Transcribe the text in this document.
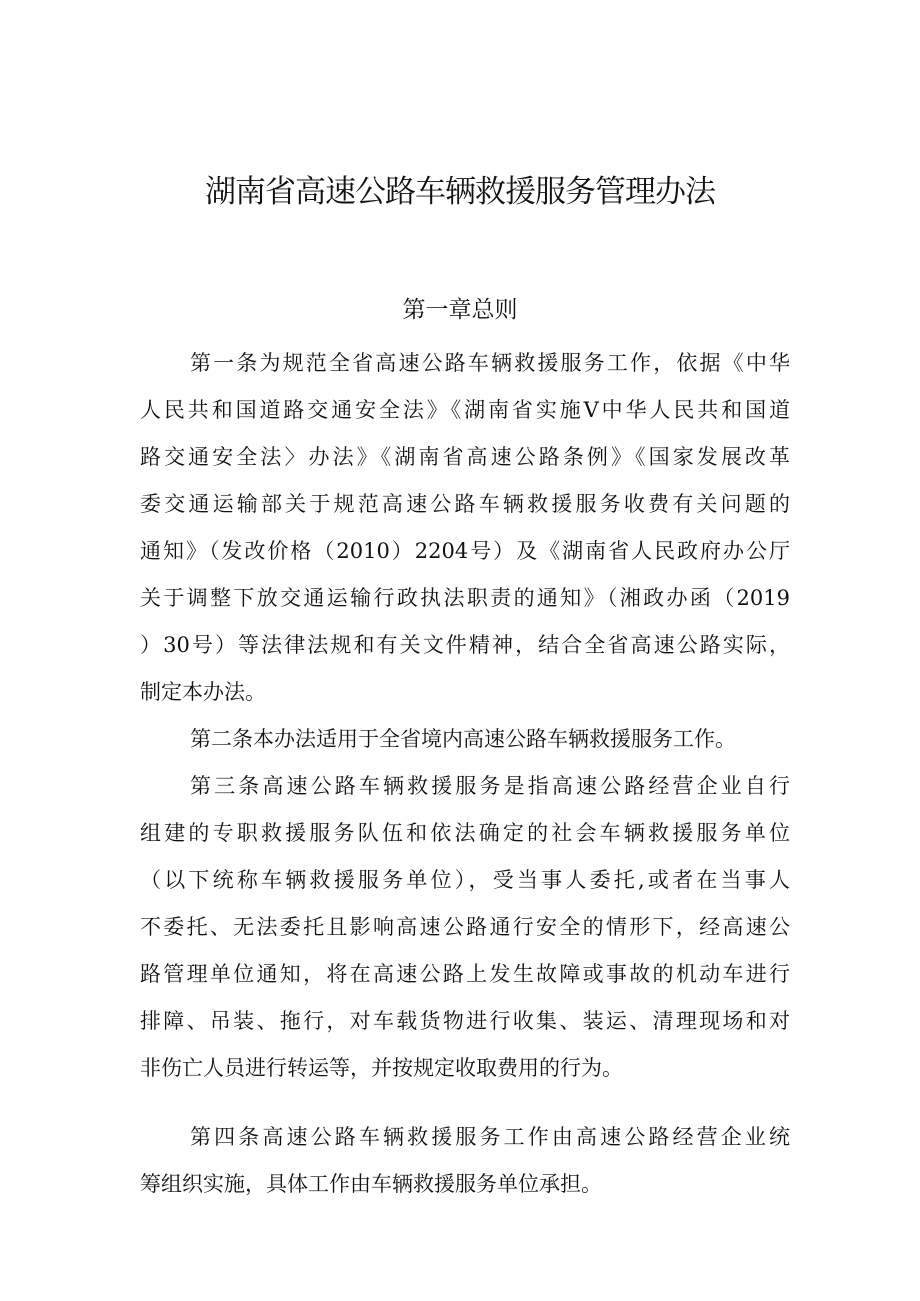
湖南省高速公路车辆救援服务管理办法
第一章总则
第一条为规范全省高速公路车辆救援服务工作，依据《中华
人民共和国道路交通安全法》《湖南省实施V中华人民共和国道
路交通安全法〉办法》《湖南省高速公路条例》《国家发展改革
委交通运输部关于规范高速公路车辆救援服务收费有关问题的
通知》（发改价格（2010）2204号）及《湖南省人民政府办公厅
关于调整下放交通运输行政执法职责的通知》（湘政办函（2019
）30号）等法律法规和有关文件精神，结合全省高速公路实际，
制定本办法。
第二条本办法适用于全省境内高速公路车辆救援服务工作。
第三条高速公路车辆救援服务是指高速公路经营企业自行
组建的专职救援服务队伍和依法确定的社会车辆救援服务单位
（以下统称车辆救援服务单位），受当事人委托,或者在当事人
不委托、无法委托且影响高速公路通行安全的情形下，经高速公
路管理单位通知，将在高速公路上发生故障或事故的机动车进行
排障、吊装、拖行，对车载货物进行收集、装运、清理现场和对
非伤亡人员进行转运等，并按规定收取费用的行为。
第四条高速公路车辆救援服务工作由高速公路经营企业统
筹组织实施，具体工作由车辆救援服务单位承担。
